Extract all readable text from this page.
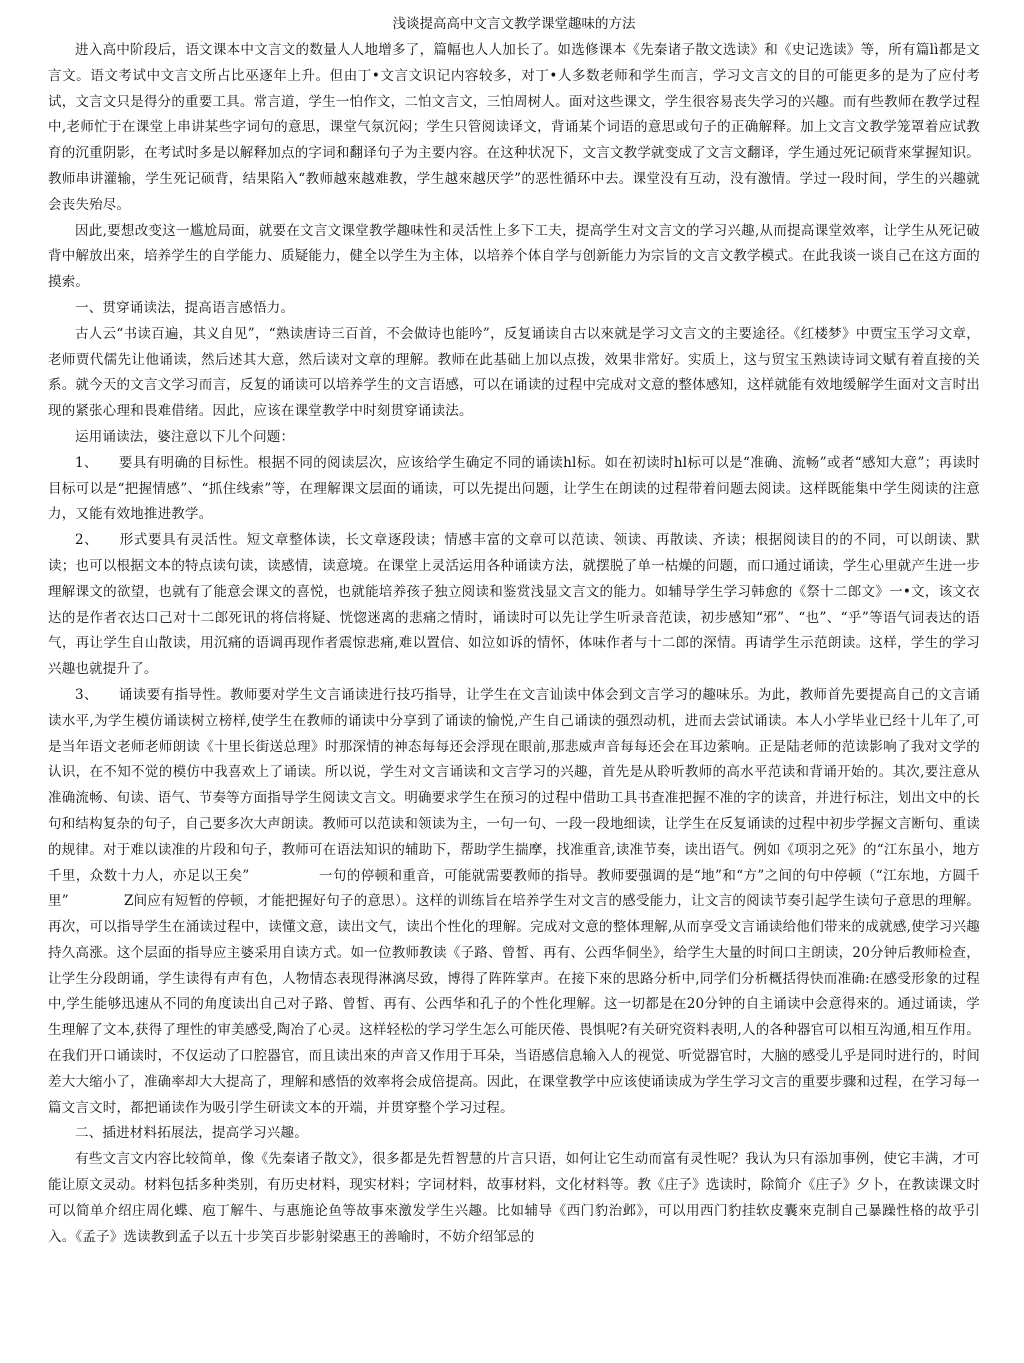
浅谈提高高中文言文教学课堂趣味的方法

进入高中阶段后，语文课本中文言文的数量人人地增多了，篇幅也人人加长了。如选修课本《先秦诸子散文选读》和《史记选读》等，所有篇lì都是文言文。语文考试中文言文所占比巫逐年上升。但由丁•文言文识记内容较多，对丁•人多数老师和学生而言，学习文言文的目的可能更多的是为了应付考试，文言文只是得分的重要工具。常言道，学生一怕作文，二怕文言文，三怕周树人。面对这些课文，学生很容易丧失学习的兴趣。而有些教师在教学过程中,老师忙于在课堂上串讲某些字词句的意思，课堂气氛沉闷；学生只管阅读译文，背诵某个词语的意思或句子的正确解释。加上文言文教学笼罩着应试教育的沉重阴影，在考试时多是以解释加点的字词和翻译句子为主要内容。在这种状况下，文言文教学就变成了文言文翻译，学生通过死记硕背來掌握知识。教师串讲灌输，学生死记硕背，结果陷入“教师越來越难教，学生越來越厌学”的恶性循环中去。课堂没有互动，没有激情。学过一段时间，学生的兴趣就会丧失殆尽。

因此,要想改变这一尴尬局面，就要在文言文课堂教学趣味性和灵活性上多下工夫，提高学生对文言文的学习兴趣,从而提高课堂效率，让学生从死记破背中解放出來，培养学生的自学能力、质疑能力，健全以学生为主体，以培养个体自学与创新能力为宗旨的文言文教学模式。在此我谈一谈自己在这方面的摸索。

一、贯穿诵读法，提高语言感悟力。

古人云“书读百遍，其义自见”，“熟读唐诗三百首，不会做诗也能吟”，反复诵读自古以來就是学习文言文的主要途径。《红楼梦》中贾宝玉学习文章，老师贾代儒先让他诵读，然后述其大意，然后读对文章的理解。教师在此基础上加以点拨，效果非常好。实质上，这与贸宝玉熟读诗词文赋有着直接的关系。就今天的文言文学习而言，反复的诵读可以培养学生的文言语感，可以在诵读的过程中完成对文意的整体感知，这样就能有效地缓解学生面对文言时出现的紧张心理和畏难借绪。因此，应该在课堂教学中时刻贯穿诵读法。

运用诵读法，婆注意以下儿个问题：

1、　　要具有明确的目标性。根据不同的阅读层次，应该给学生确定不同的诵读hl标。如在初读时hl标可以是“准确、流畅”或者“感知大意”；再读时目标可以是“把握情感”、“抓住线索”等，在理解课文层面的诵读，可以先提出问题，让学生在朗读的过程带着问题去阅读。这样既能集中学生阅读的注意力，又能有效地推进教学。

2、　　形式要具有灵活性。短文章整体读，长文章逐段读；情感丰富的文章可以范读、领读、再散读、齐读；根据阅读目的的不同，可以朗读、默读；也可以根据文本的特点读句读，读感情，读意境。在课堂上灵活运用各种诵读方法，就摆脱了单一枯燥的问题，而口通过诵读，学生心里就产生进一步理解课文的欲望，也就有了能意会课文的喜悦，也就能培养孩子独立阅读和鉴赏浅显文言文的能力。如辅导学生学习韩愈的《祭十二郎文》一•文，该文衣达的是作者衣达口己对十二郎死讯的将信将疑、恍惚迷离的悲痛之情时，诵读时可以先让学生听录音范读，初步感知“邪”、“也”、“乎”等语气词表达的语气，再让学生自山散读，用沉痛的语调再现作者震惊悲痛,难以置信、如泣如诉的情怀，体味作者与十二郎的深情。再请学生示范朗读。这样，学生的学习兴趣也就提升了。

3、　　诵读要有指导性。教师要对学生文言诵读进行技巧指导，让学生在文言讪读中体会到文言学习的趣味乐。为此，教师首先要提高自己的文言诵读水平,为学生模仿诵读树立榜样,使学生在教师的诵读中分享到了诵读的愉悦,产生自己诵读的强烈动机，进而去尝试诵读。本人小学毕业已经十儿年了,可是当年语文老师老师朗读《十里长街送总理》时那深情的神态每每还会浮现在眼前,那悲威声音每每还会在耳边萦响。正是陆老师的范读影响了我对文学的认识，在不知不觉的模仿中我喜欢上了诵读。所以说，学生对文言诵读和文言学习的兴趣，首先是从聆听教师的高水平范读和背诵开始的。其次,要注意从准确流畅、旬读、语气、节奏等方面指导学生阅读文言文。明确要求学生在预习的过程中借助工具书查准把握不准的字的读音，并进行标注，划出文中的长句和结构复杂的句子，自己要多次大声朗读。教师可以范读和领读为主，一句一句、一段一段地细读，让学生在反复诵读的过程中初步学握文言断句、重读的规律。对于难以读准的片段和句子，教师可在语法知识的辅助下，帮助学生揣摩，找准重音,读准节奏，读出语气。例如《项羽之死》的“江东虽小，地方千里，众数十力人，亦足以王矣”　　　　　一句的停顿和重音，可能就需要教师的指导。教师要强调的是“地”和“方”之间的句中停顿（“江东地，方圆千里”　　　　Z间应有短暂的停顿，才能把握好句子的意思）。这样的训练旨在培养学生对文言的感受能力，让文言的阅读节奏引起学生读句子意思的理解。再次，可以指导学生在涌读过程中，读懂文意，读出文气，读出个性化的理解。完成对文意的整体理解,从而享受文言诵读给他们带来的成就感,使学习兴趣持久高涨。这个层面的指导应主婆采用自读方式。如一位教师教读《子路、曾皙、再有、公西华侗坐》，给学生大量的时间口主朗读，20分钟后教师检查，让学生分段朗诵，学生读得有声有色，人物情态表现得淋漓尽致，博得了阵阵掌声。在接下來的思路分析中,同学们分析概括得快而准确:在感受形象的过程中,学生能够迅速从不同的角度读出自己对子路、曾皙、再有、公西华和孔子的个性化理解。这一切都是在20分钟的自主诵读中会意得來的。通过诵读，学生理解了文本,获得了理性的审美感受,陶冶了心灵。这样轻松的学习学生怎么可能厌倦、畏惧呢?有关研究资料表明,人的各种器官可以相互沟通,相互作用。在我们开口诵读时，不仅运动了口腔器官，而且读出來的声音又作用于耳朵，当语感信息输入人的视觉、听觉器官时，大脑的感受儿乎是同时进行的，时间差大大缩小了，准确率却大大提高了，理解和感悟的效率将会成倍提高。因此，在课堂教学中应该使诵读成为学生学习文言的重要步骤和过程，在学习每一篇文言文时，都把诵读作为吸引学生研读文本的开端，并贯穿整个学习过程。

二、插进材料拓展法，提高学习兴趣。

有些文言文内容比较简单，像《先秦诸子散文》，很多都是先哲智慧的片言只语，如何让它生动而富有灵性呢？我认为只有添加事例，使它丰满，才可能让原文灵动。材料包括多种类别，有历史材料，现实材料；字词材料，故事材料，文化材料等。教《庄子》选读时，除简介《庄子》夕卜，在教读课文时可以简单介绍庄周化蝶、庖丁解牛、与惠施论鱼等故事來激发学生兴趣。比如辅导《西门豹治邺》，可以用西门豹挂软皮囊來克制自己暴躁性格的故乎引入。《孟子》选读教到孟子以五十步笑百步影射梁惠王的善喻时，不妨介绍邹忌的
